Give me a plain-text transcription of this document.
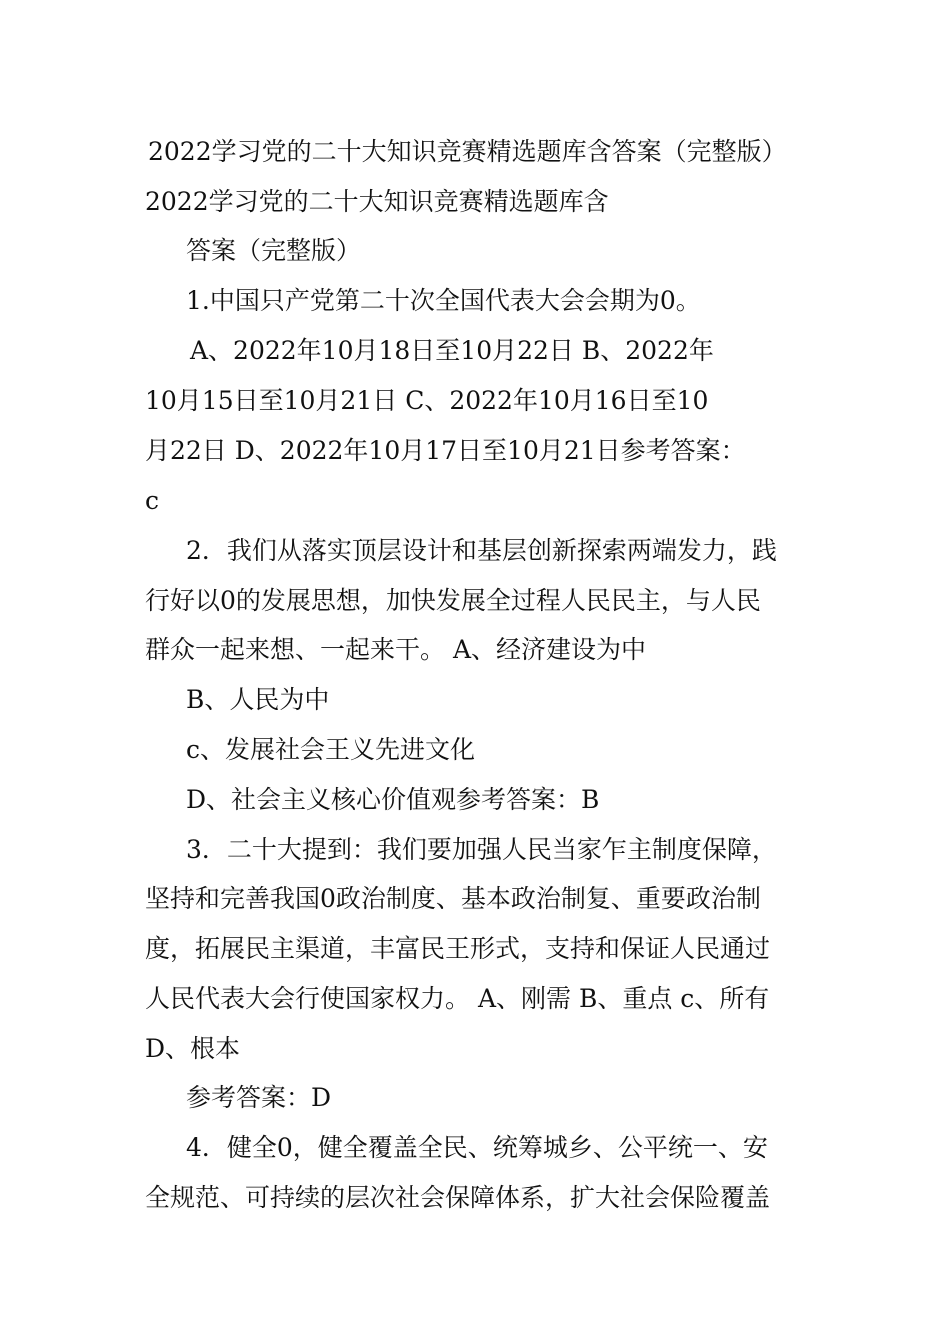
2022学习党的二十大知识竞赛精选题库含答案（完整版）
2022学习党的二十大知识竞赛精选题库含
答案（完整版）
1.中国只产党第二十次全国代表大会会期为0。
A、2022年10月18日至10月22日 B、2022年
10月15日至10月21日 C、2022年10月16日至10
月22日 D、2022年10月17日至10月21日参考答案：
c
2．我们从落实顶层设计和基层创新探索两端发力，践
行好以0的发展思想，加快发展全过程人民民主，与人民
群众一起来想、一起来干。 A、经济建设为中
B、人民为中
c、发展社会王义先进文化
D、社会主义核心价值观参考答案：B
3．二十大提到：我们要加强人民当家乍主制度保障，
坚持和完善我国0政治制度、基本政治制复、重要政治制
度，拓展民主渠道，丰富民王形式，支持和保证人民通过
人民代表大会行使国家权力。 A、刚需 B、重点 c、所有
D、根本
参考答案：D
4．健全0，健全覆盖全民、统筹城乡、公平统一、安
全规范、可持续的层次社会保障体系，扩大社会保险覆盖
